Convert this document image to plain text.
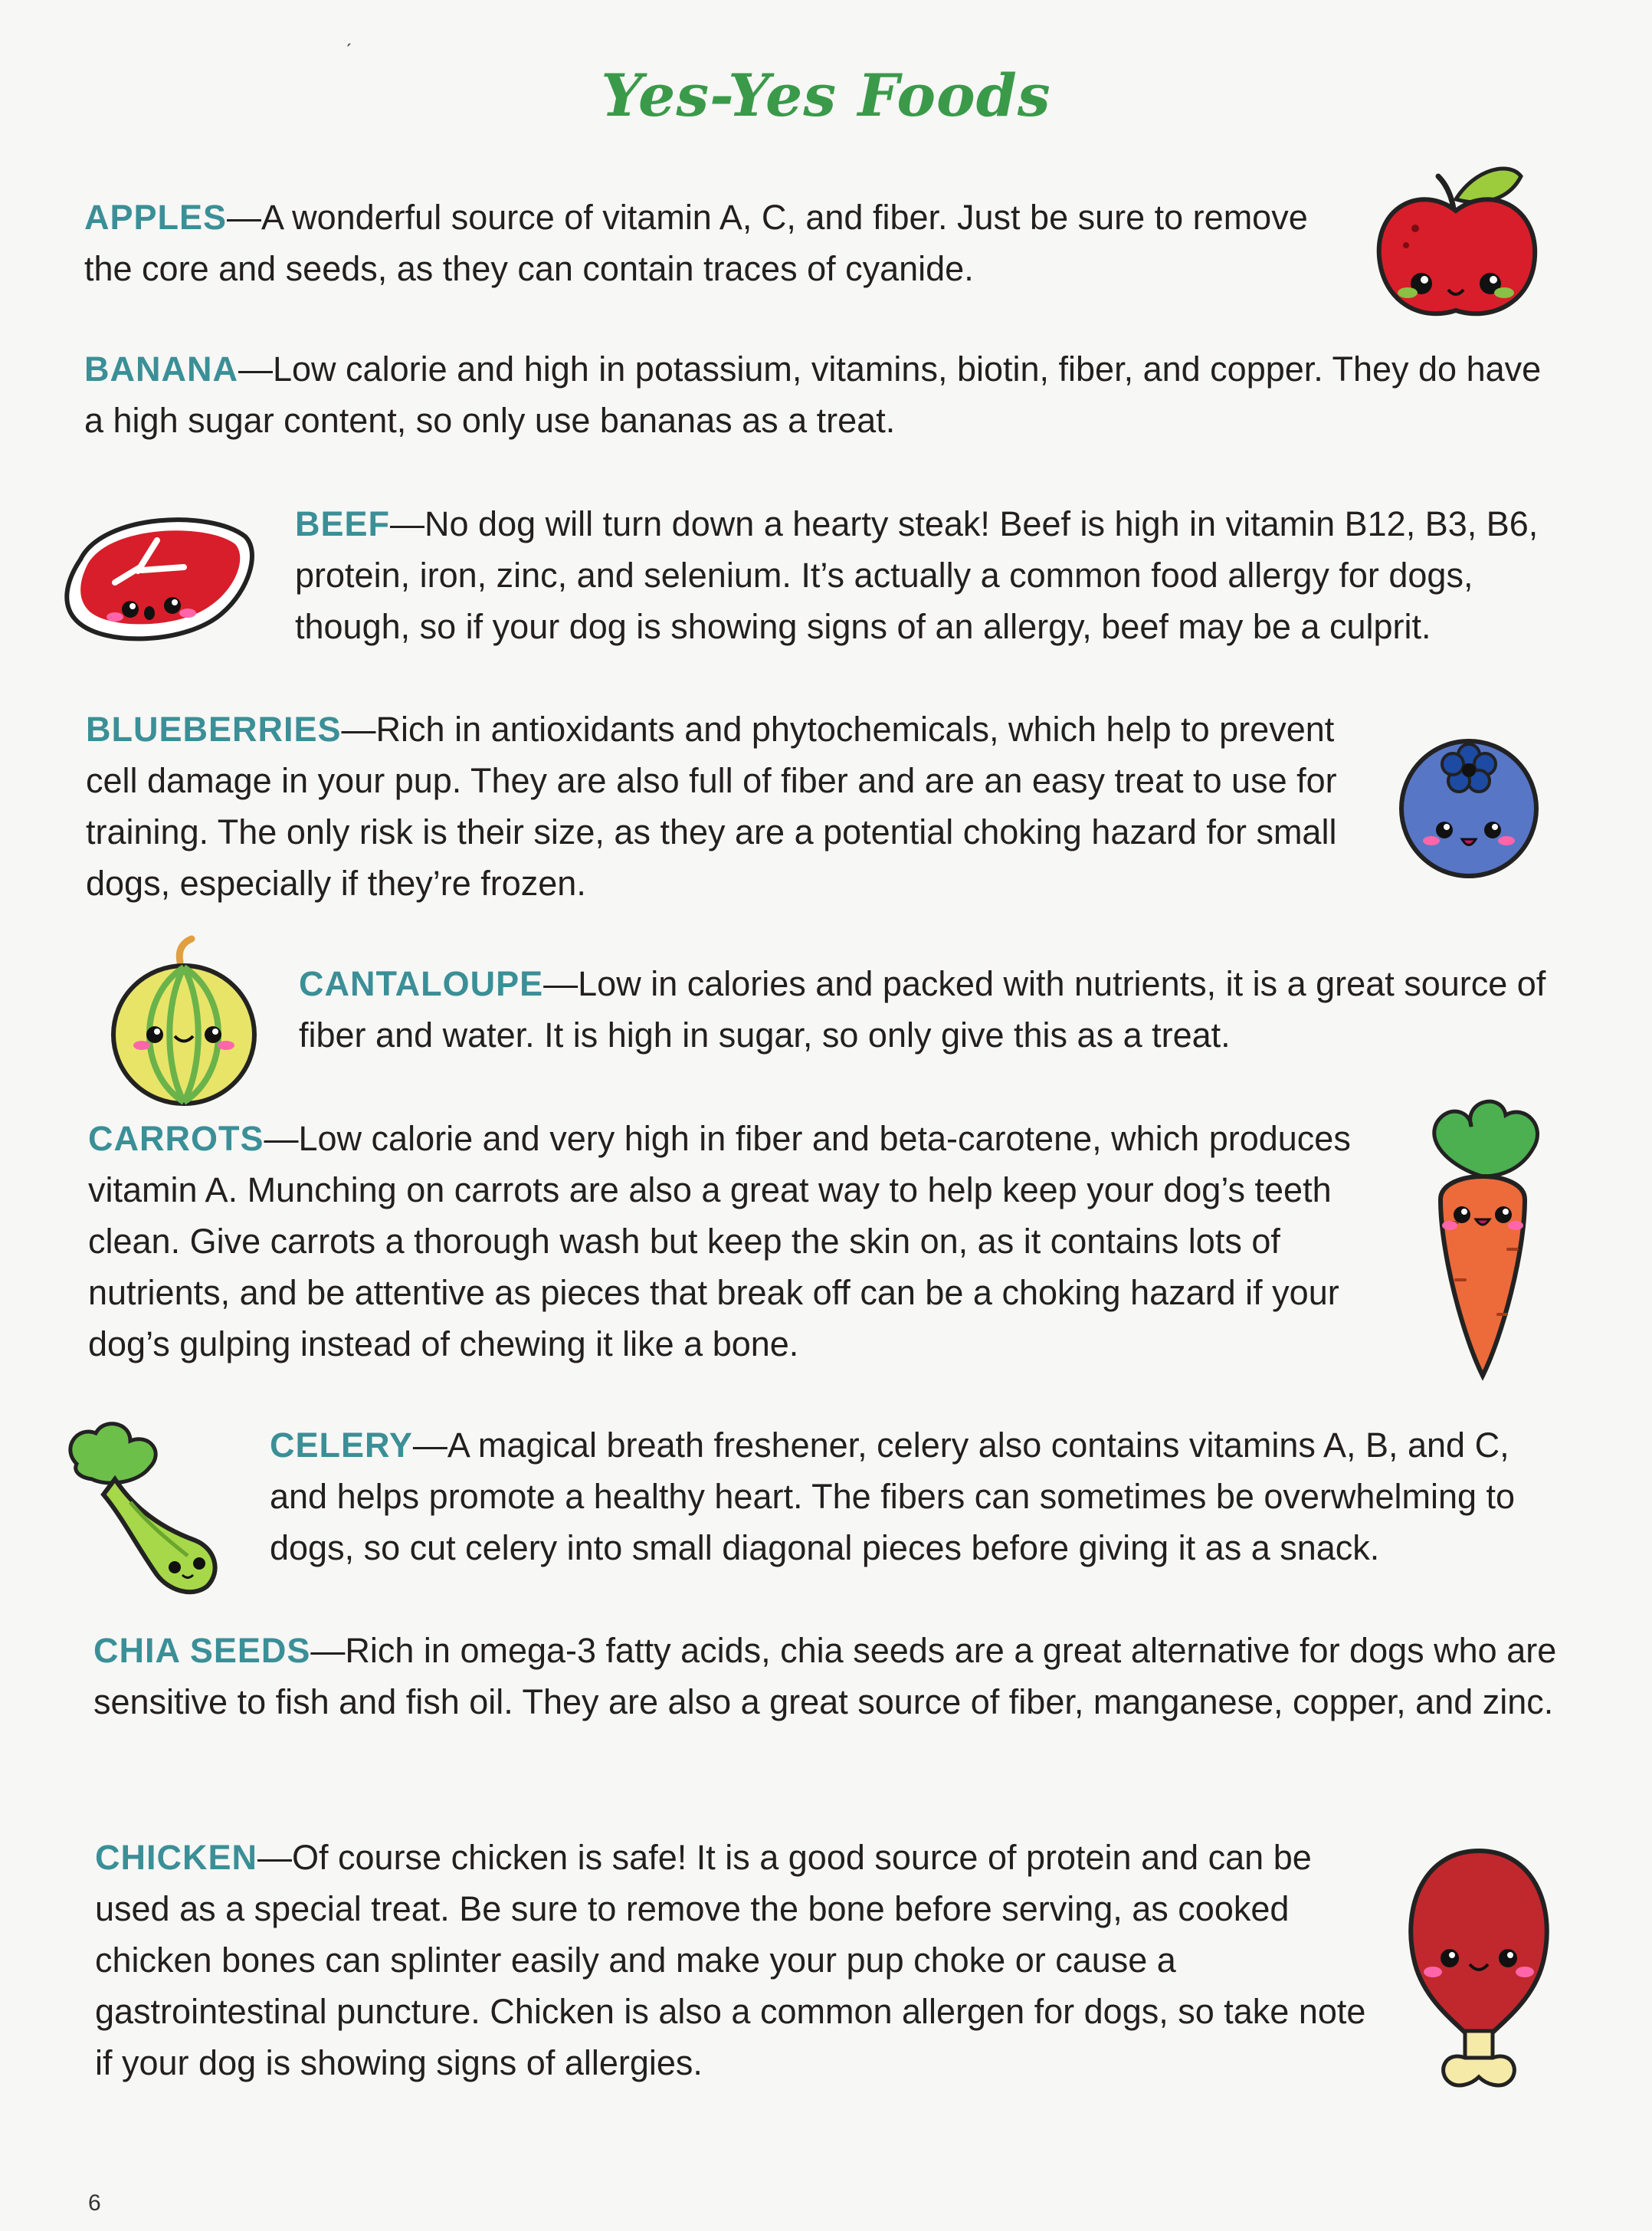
ˏ
Yes-Yes Foods

APPLES—A wonderful source of vitamin A, C, and fiber. Just be sure to remove the core and seeds, as they can contain traces of cyanide.

BANANA—Low calorie and high in potassium, vitamins, biotin, fiber, and copper. They do have a high sugar content, so only use bananas as a treat.

BEEF—No dog will turn down a hearty steak! Beef is high in vitamin B12, B3, B6, protein, iron, zinc, and selenium. It’s actually a common food allergy for dogs, though, so if your dog is showing signs of an allergy, beef may be a culprit.

BLUEBERRIES—Rich in antioxidants and phytochemicals, which help to prevent cell damage in your pup. They are also full of fiber and are an easy treat to use for training. The only risk is their size, as they are a potential choking hazard for small dogs, especially if they’re frozen.

CANTALOUPE—Low in calories and packed with nutrients, it is a great source of fiber and water. It is high in sugar, so only give this as a treat.

CARROTS—Low calorie and very high in fiber and beta-carotene, which produces vitamin A. Munching on carrots are also a great way to help keep your dog’s teeth clean. Give carrots a thorough wash but keep the skin on, as it contains lots of nutrients, and be attentive as pieces that break off can be a choking hazard if your dog’s gulping instead of chewing it like a bone.

CELERY—A magical breath freshener, celery also contains vitamins A, B, and C, and helps promote a healthy heart. The fibers can sometimes be overwhelming to dogs, so cut celery into small diagonal pieces before giving it as a snack.

CHIA SEEDS—Rich in omega-3 fatty acids, chia seeds are a great alternative for dogs who are sensitive to fish and fish oil. They are also a great source of fiber, manganese, copper, and zinc.

CHICKEN—Of course chicken is safe! It is a good source of protein and can be used as a special treat. Be sure to remove the bone before serving, as cooked chicken bones can splinter easily and make your pup choke or cause a gastrointestinal puncture. Chicken is also a common allergen for dogs, so take note if your dog is showing signs of allergies.

6
